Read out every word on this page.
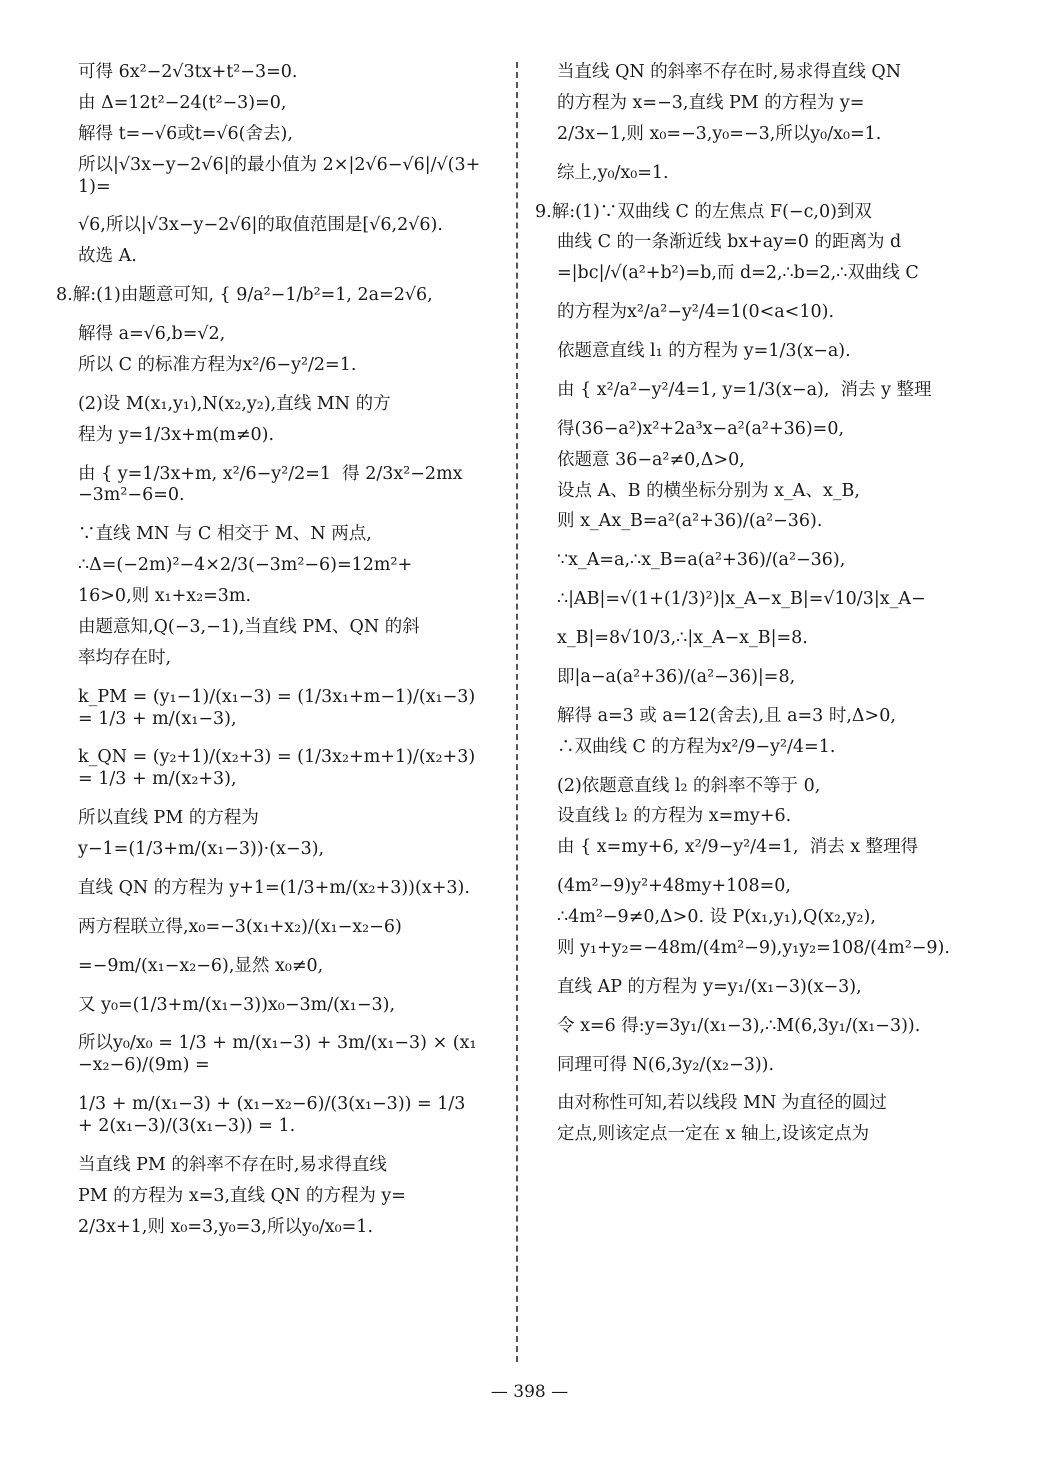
可得 6x²−2√3tx+t²−3=0.

由 Δ=12t²−24(t²−3)=0,

解得 t=−√6或t=√6(舍去),

所以|√3x−y−2√6|的最小值为 2×|2√6−√6|/√(3+1)=

√6,所以|√3x−y−2√6|的取值范围是[√6,2√6).

故选 A.

8.解:(1)由题意可知, { 9/a²−1/b²=1, 2a=2√6,

解得 a=√6,b=√2,

所以 C 的标准方程为x²/6−y²/2=1.

(2)设 M(x₁,y₁),N(x₂,y₂),直线 MN 的方

程为 y=1/3x+m(m≠0).

由 { y=1/3x+m, x²/6−y²/2=1  得 2/3x²−2mx−3m²−6=0.

∵直线 MN 与 C 相交于 M、N 两点,

∴Δ=(−2m)²−4×2/3(−3m²−6)=12m²+

16>0,则 x₁+x₂=3m.

由题意知,Q(−3,−1),当直线 PM、QN 的斜

率均存在时,

k_PM = (y₁−1)/(x₁−3) = (1/3x₁+m−1)/(x₁−3) = 1/3 + m/(x₁−3),

k_QN = (y₂+1)/(x₂+3) = (1/3x₂+m+1)/(x₂+3) = 1/3 + m/(x₂+3),

所以直线 PM 的方程为

y−1=(1/3+m/(x₁−3))·(x−3),

直线 QN 的方程为 y+1=(1/3+m/(x₂+3))(x+3).

两方程联立得,x₀=−3(x₁+x₂)/(x₁−x₂−6)

=−9m/(x₁−x₂−6),显然 x₀≠0,

又 y₀=(1/3+m/(x₁−3))x₀−3m/(x₁−3),

所以y₀/x₀ = 1/3 + m/(x₁−3) + 3m/(x₁−3) × (x₁−x₂−6)/(9m) =

1/3 + m/(x₁−3) + (x₁−x₂−6)/(3(x₁−3)) = 1/3 + 2(x₁−3)/(3(x₁−3)) = 1.

当直线 PM 的斜率不存在时,易求得直线

PM 的方程为 x=3,直线 QN 的方程为 y=

2/3x+1,则 x₀=3,y₀=3,所以y₀/x₀=1.

当直线 QN 的斜率不存在时,易求得直线 QN

的方程为 x=−3,直线 PM 的方程为 y=

2/3x−1,则 x₀=−3,y₀=−3,所以y₀/x₀=1.

综上,y₀/x₀=1.

9.解:(1)∵双曲线 C 的左焦点 F(−c,0)到双

曲线 C 的一条渐近线 bx+ay=0 的距离为 d

=|bc|/√(a²+b²)=b,而 d=2,∴b=2,∴双曲线 C

的方程为x²/a²−y²/4=1(0<a<10).

依题意直线 l₁ 的方程为 y=1/3(x−a).

由 { x²/a²−y²/4=1, y=1/3(x−a),  消去 y 整理

得(36−a²)x²+2a³x−a²(a²+36)=0,

依题意 36−a²≠0,Δ>0,

设点 A、B 的横坐标分别为 x_A、x_B,

则 x_Ax_B=a²(a²+36)/(a²−36).

∵x_A=a,∴x_B=a(a²+36)/(a²−36),

∴|AB|=√(1+(1/3)²)|x_A−x_B|=√10/3|x_A−

x_B|=8√10/3,∴|x_A−x_B|=8.

即|a−a(a²+36)/(a²−36)|=8,

解得 a=3 或 a=12(舍去),且 a=3 时,Δ>0,

∴双曲线 C 的方程为x²/9−y²/4=1.

(2)依题意直线 l₂ 的斜率不等于 0,

设直线 l₂ 的方程为 x=my+6.

由 { x=my+6, x²/9−y²/4=1,  消去 x 整理得

(4m²−9)y²+48my+108=0,

∴4m²−9≠0,Δ>0. 设 P(x₁,y₁),Q(x₂,y₂),

则 y₁+y₂=−48m/(4m²−9),y₁y₂=108/(4m²−9).

直线 AP 的方程为 y=y₁/(x₁−3)(x−3),

令 x=6 得:y=3y₁/(x₁−3),∴M(6,3y₁/(x₁−3)).

同理可得 N(6,3y₂/(x₂−3)).

由对称性可知,若以线段 MN 为直径的圆过

定点,则该定点一定在 x 轴上,设该定点为

— 398 —
